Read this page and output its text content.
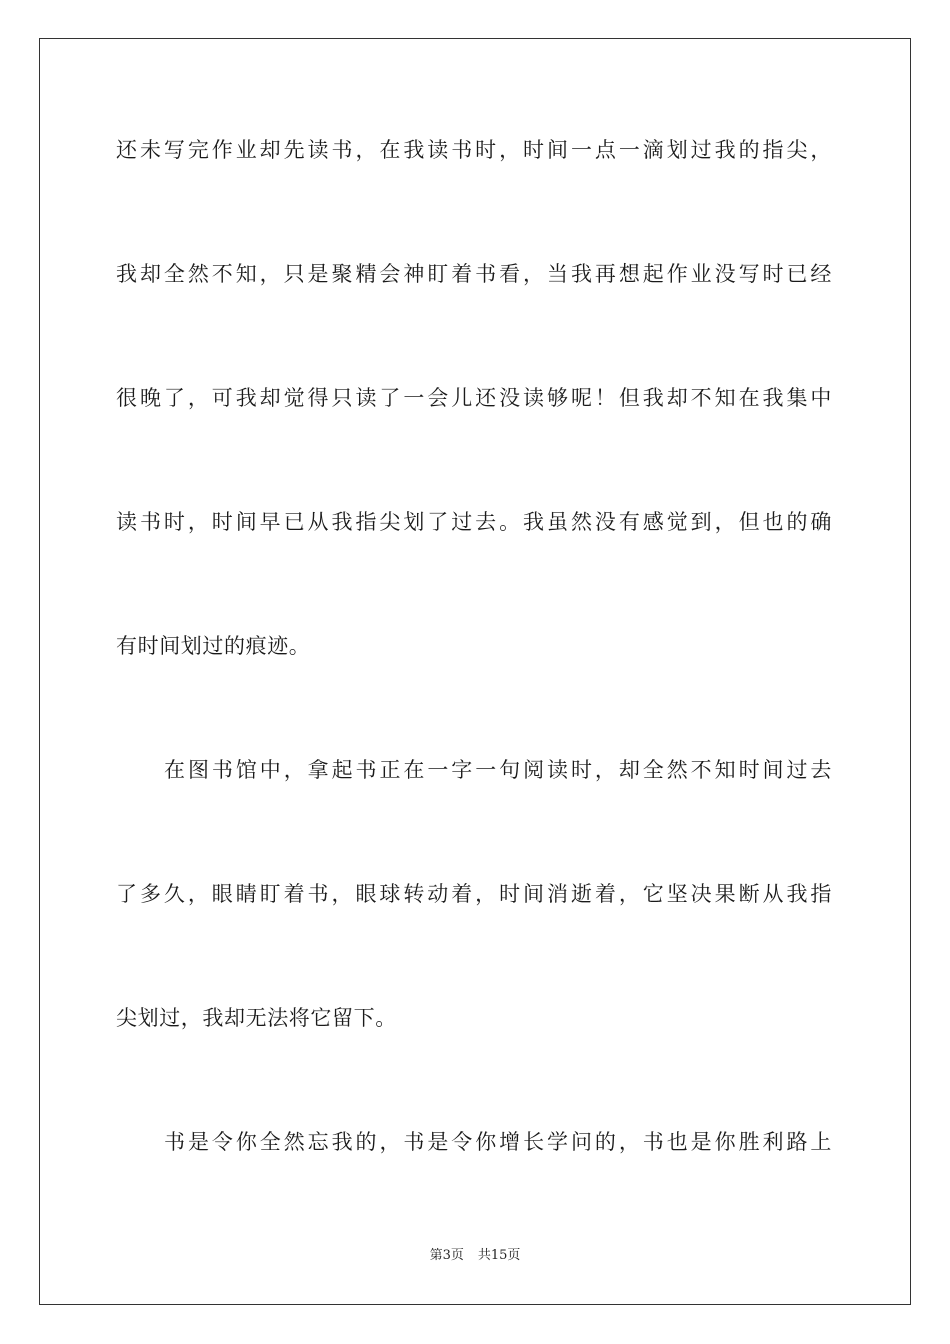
还未写完作业却先读书，在我读书时，时间一点一滴划过我的指尖，
我却全然不知，只是聚精会神盯着书看，当我再想起作业没写时已经
很晚了，可我却觉得只读了一会儿还没读够呢！但我却不知在我集中
读书时，时间早已从我指尖划了过去。我虽然没有感觉到，但也的确
有时间划过的痕迹。
在图书馆中，拿起书正在一字一句阅读时，却全然不知时间过去
了多久，眼睛盯着书，眼球转动着，时间消逝着，它坚决果断从我指
尖划过，我却无法将它留下。
书是令你全然忘我的，书是令你增长学问的，书也是你胜利路上
第3页 共15页
